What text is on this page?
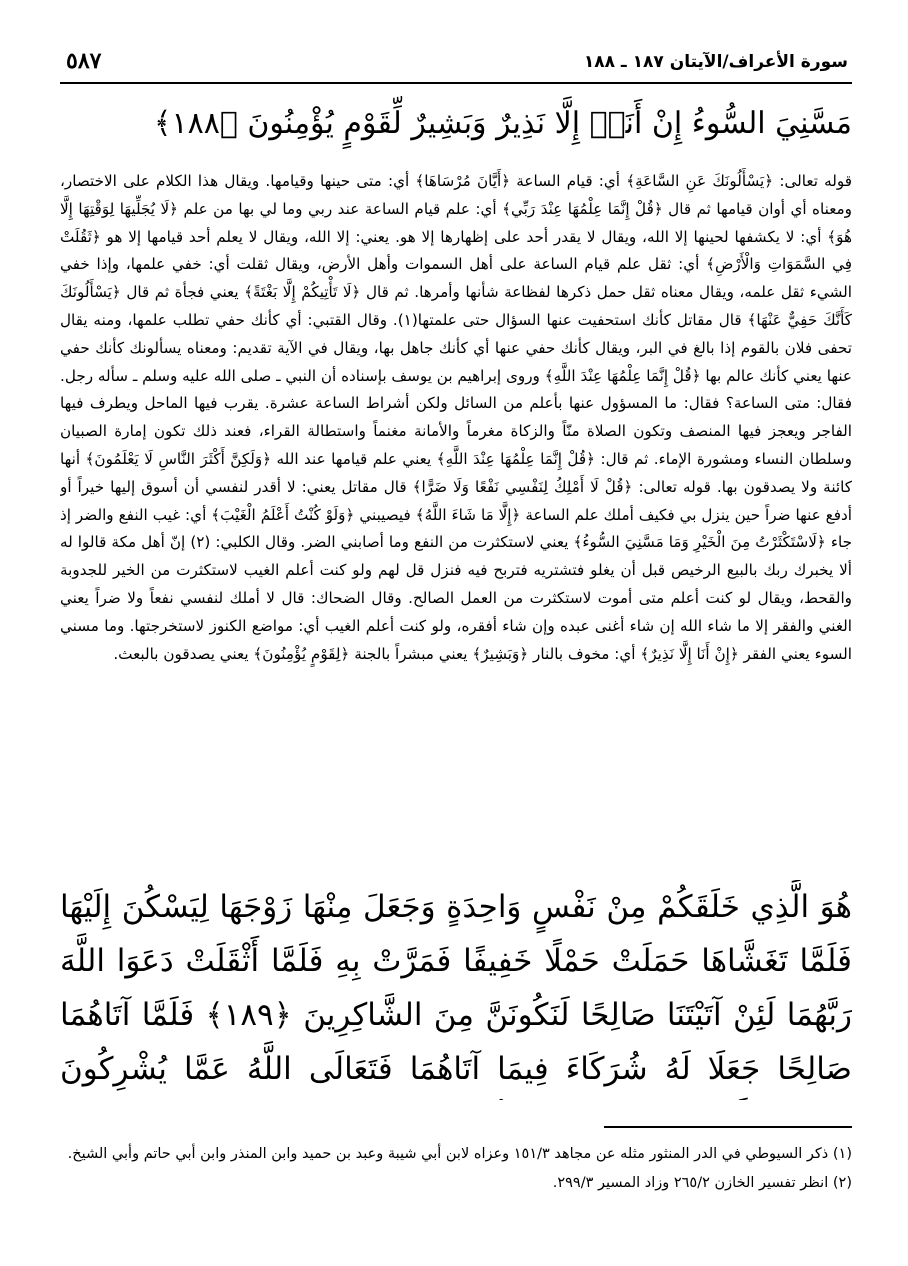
٥٨٧	سورة الأعراف/الآيتان ١٨٧ ـ ١٨٨
مَسَّنِيَ السُّوءُ إِنْ أَنَا۠ إِلَّا نَذِيرٌ وَبَشِيرٌ لِّقَوْمٍ يُؤْمِنُونَ ﴿١٨٨﴾

قوله تعالى: ﴿يَسْأَلُونَكَ عَنِ السَّاعَةِ﴾ أي: قيام الساعة ﴿أَيَّانَ مُرْسَاهَا﴾ أي: متى حينها وقيامها. ويقال هذا الكلام على الاختصار، ومعناه أي أوان قيامها ثم قال ﴿قُلْ إِنَّمَا عِلْمُهَا عِنْدَ رَبِّي﴾ أي: علم قيام الساعة عند ربي وما لي بها من علم ﴿لَا يُجَلِّيهَا لِوَقْتِهَا إِلَّا هُوَ﴾ أي: لا يكشفها لحينها إلا الله، ويقال لا يقدر أحد على إظهارها إلا هو. يعني: إلا الله، ويقال لا يعلم أحد قيامها إلا هو ﴿ثَقُلَتْ فِي السَّمَوَاتِ وَالْأَرْضِ﴾ أي: ثقل علم قيام الساعة على أهل السموات وأهل الأرض، ويقال ثقلت أي: خفي علمها، وإذا خفي الشيء ثقل علمه، ويقال معناه ثقل حمل ذكرها لفظاعة شأنها وأمرها. ثم قال ﴿لَا تَأْتِيكُمْ إِلَّا بَغْتَةً﴾ يعني فجأة ثم قال ﴿يَسْأَلُونَكَ كَأَنَّكَ حَفِيٌّ عَنْهَا﴾ قال مقاتل كأنك استحفيت عنها السؤال حتى علمتها(١). وقال القتبي: أي كأنك حفي تطلب علمها، ومنه يقال تحفى فلان بالقوم إذا بالغ في البر، ويقال كأنك حفي عنها أي كأنك جاهل بها، ويقال في الآية تقديم: ومعناه يسألونك كأنك حفي عنها يعني كأنك عالم بها ﴿قُلْ إِنَّمَا عِلْمُهَا عِنْدَ اللَّهِ﴾ وروى إبراهيم بن يوسف بإسناده أن النبي ـ صلى الله عليه وسلم ـ سأله رجل. فقال: متى الساعة؟ فقال: ما المسؤول عنها بأعلم من السائل ولكن أشراط الساعة عشرة. يقرب فيها الماحل ويطرف فيها الفاجر ويعجز فيها المنصف وتكون الصلاة منّاً والزكاة مغرماً والأمانة مغنماً واستطالة القراء، فعند ذلك تكون إمارة الصبيان وسلطان النساء ومشورة الإماء. ثم قال: ﴿قُلْ إِنَّمَا عِلْمُهَا عِنْدَ اللَّهِ﴾ يعني علم قيامها عند الله ﴿وَلَكِنَّ أَكْثَرَ النَّاسِ لَا يَعْلَمُونَ﴾ أنها كائنة ولا يصدقون بها. قوله تعالى: ﴿قُلْ لَا أَمْلِكُ لِنَفْسِي نَفْعًا وَلَا ضَرًّا﴾ قال مقاتل يعني: لا أقدر لنفسي أن أسوق إليها خيراً أو أدفع عنها ضراً حين ينزل بي فكيف أملك علم الساعة ﴿إِلَّا مَا شَاءَ اللَّهُ﴾ فيصيبني ﴿وَلَوْ كُنْتُ أَعْلَمُ الْغَيْبَ﴾ أي: غيب النفع والضر إذ جاء ﴿لَاسْتَكْثَرْتُ مِنَ الْخَيْرِ وَمَا مَسَّنِيَ السُّوءُ﴾ يعني لاستكثرت من النفع وما أصابني الضر. وقال الكلبي: (٢) إنّ أهل مكة قالوا له ألا يخبرك ربك بالبيع الرخيص قبل أن يغلو فتشتريه فتربح فيه فنزل قل لهم ولو كنت أعلم الغيب لاستكثرت من الخير للجدوبة والقحط، ويقال لو كنت أعلم متى أموت لاستكثرت من العمل الصالح. وقال الضحاك: قال لا أملك لنفسي نفعاً ولا ضراً يعني الغني والفقر إلا ما شاء الله إن شاء أغنى عبده وإن شاء أفقره، ولو كنت أعلم الغيب أي: مواضع الكنوز لاستخرجتها. وما مسني السوء يعني الفقر ﴿إِنْ أَنَا إِلَّا نَذِيرٌ﴾ أي: مخوف بالنار ﴿وَبَشِيرٌ﴾ يعني مبشراً بالجنة ﴿لِقَوْمٍ يُؤْمِنُونَ﴾ يعني يصدقون بالبعث.

هُوَ الَّذِي خَلَقَكُمْ مِنْ نَفْسٍ وَاحِدَةٍ وَجَعَلَ مِنْهَا زَوْجَهَا لِيَسْكُنَ إِلَيْهَا فَلَمَّا تَغَشَّاهَا حَمَلَتْ حَمْلًا خَفِيفًا فَمَرَّتْ بِهِ فَلَمَّا أَثْقَلَتْ دَعَوَا اللَّهَ رَبَّهُمَا لَئِنْ آتَيْتَنَا صَالِحًا لَنَكُونَنَّ مِنَ الشَّاكِرِينَ ﴿١٨٩﴾ فَلَمَّا آتَاهُمَا صَالِحًا جَعَلَا لَهُ شُرَكَاءَ فِيمَا آتَاهُمَا فَتَعَالَى اللَّهُ عَمَّا يُشْرِكُونَ

(١) ذكر السيوطي في الدر المنثور مثله عن مجاهد ١٥١/٣ وعزاه لابن أبي شيبة وعبد بن حميد وابن المنذر وابن أبي حاتم وأبي الشيخ.

(٢) انظر تفسير الخازن ٢٦٥/٢ وزاد المسير ٢٩٩/٣.
